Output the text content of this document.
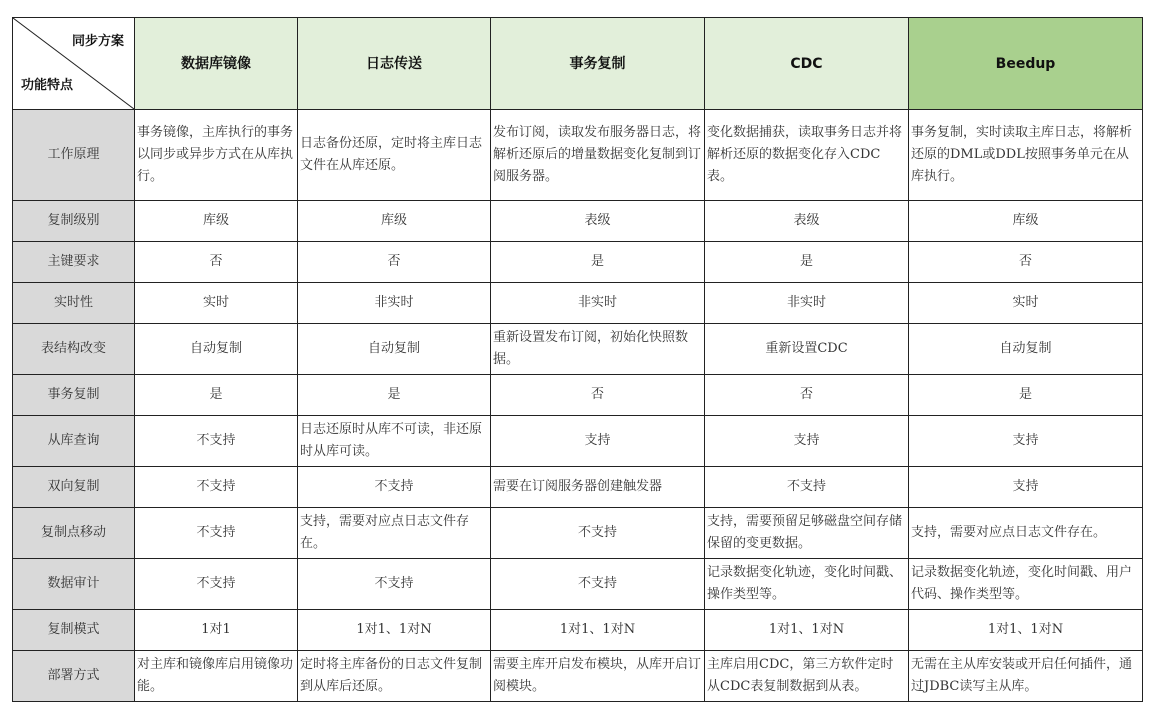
同步方案
功能特点	数据库镜像	日志传送	事务复制	CDC	Beedup
工作原理	事务镜像，主库执行的事务以同步或异步方式在从库执行。	日志备份还原，定时将主库日志文件在从库还原。	发布订阅，读取发布服务器日志，将解析还原后的增量数据变化复制到订阅服务器。	变化数据捕获，读取事务日志并将解析还原的数据变化存入CDC表。	事务复制，实时读取主库日志，将解析还原的DML或DDL按照事务单元在从库执行。
复制级别	库级	库级	表级	表级	库级
主键要求	否	否	是	是	否
实时性	实时	非实时	非实时	非实时	实时
表结构改变	自动复制	自动复制	重新设置发布订阅，初始化快照数据。	重新设置CDC	自动复制
事务复制	是	是	否	否	是
从库查询	不支持	日志还原时从库不可读，非还原时从库可读。	支持	支持	支持
双向复制	不支持	不支持	需要在订阅服务器创建触发器	不支持	支持
复制点移动	不支持	支持，需要对应点日志文件存在。	不支持	支持，需要预留足够磁盘空间存储保留的变更数据。	支持，需要对应点日志文件存在。
数据审计	不支持	不支持	不支持	记录数据变化轨迹，变化时间戳、操作类型等。	记录数据变化轨迹，变化时间戳、用户代码、操作类型等。
复制模式	1对1	1对1、1对N	1对1、1对N	1对1、1对N	1对1、1对N
部署方式	对主库和镜像库启用镜像功能。	定时将主库备份的日志文件复制到从库后还原。	需要主库开启发布模块，从库开启订阅模块。	主库启用CDC，第三方软件定时从CDC表复制数据到从表。	无需在主从库安装或开启任何插件，通过JDBC读写主从库。
